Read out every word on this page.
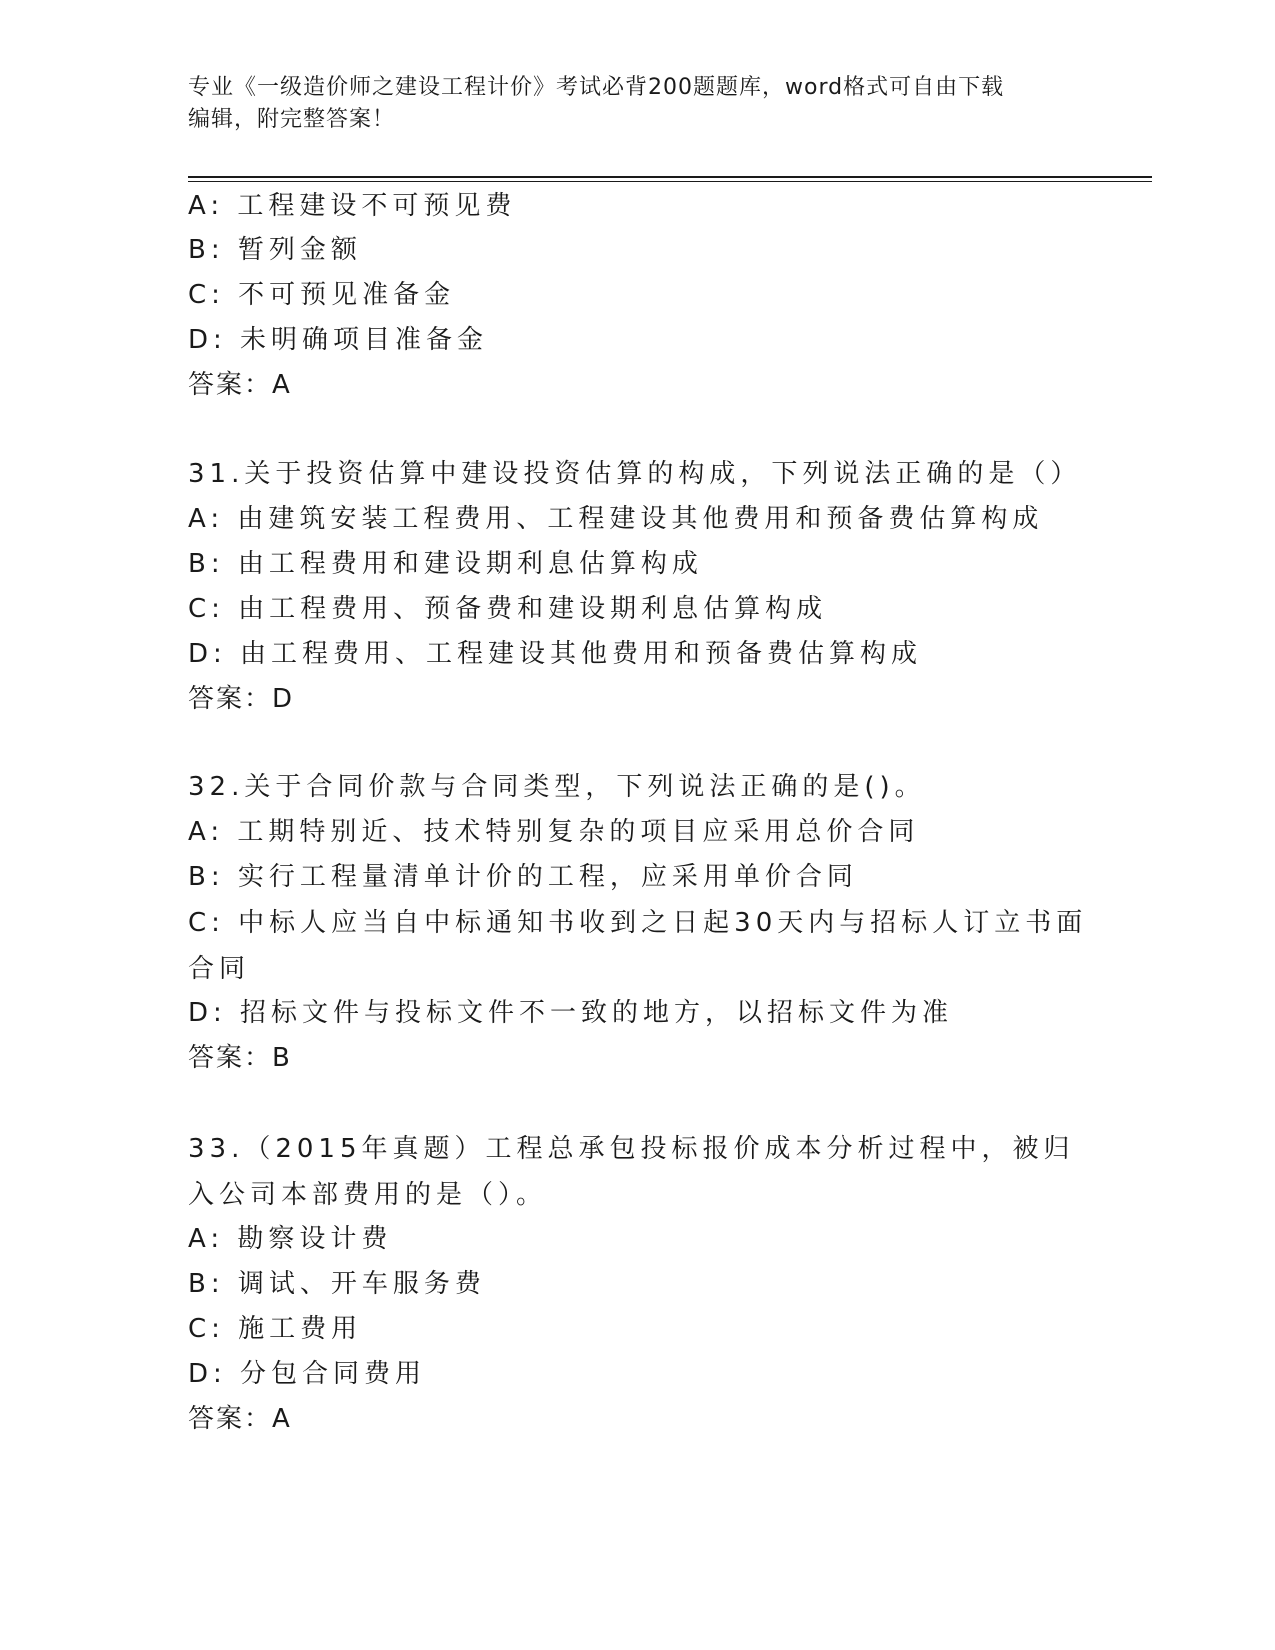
专业《一级造价师之建设工程计价》考试必背200题题库，word格式可自由下载
编辑，附完整答案！
A: 工程建设不可预见费
B: 暂列金额
C: 不可预见准备金
D: 未明确项目准备金
答案：A
31.关于投资估算中建设投资估算的构成，下列说法正确的是（）
A: 由建筑安装工程费用、工程建设其他费用和预备费估算构成
B: 由工程费用和建设期利息估算构成
C: 由工程费用、预备费和建设期利息估算构成
D: 由工程费用、工程建设其他费用和预备费估算构成
答案：D
32.关于合同价款与合同类型，下列说法正确的是()。
A: 工期特别近、技术特别复杂的项目应采用总价合同
B: 实行工程量清单计价的工程，应采用单价合同
C: 中标人应当自中标通知书收到之日起30天内与招标人订立书面合同
D: 招标文件与投标文件不一致的地方，以招标文件为准
答案：B
33.（2015年真题）工程总承包投标报价成本分析过程中，被归入公司本部费用的是（）。
A: 勘察设计费
B: 调试、开车服务费
C: 施工费用
D: 分包合同费用
答案：A
